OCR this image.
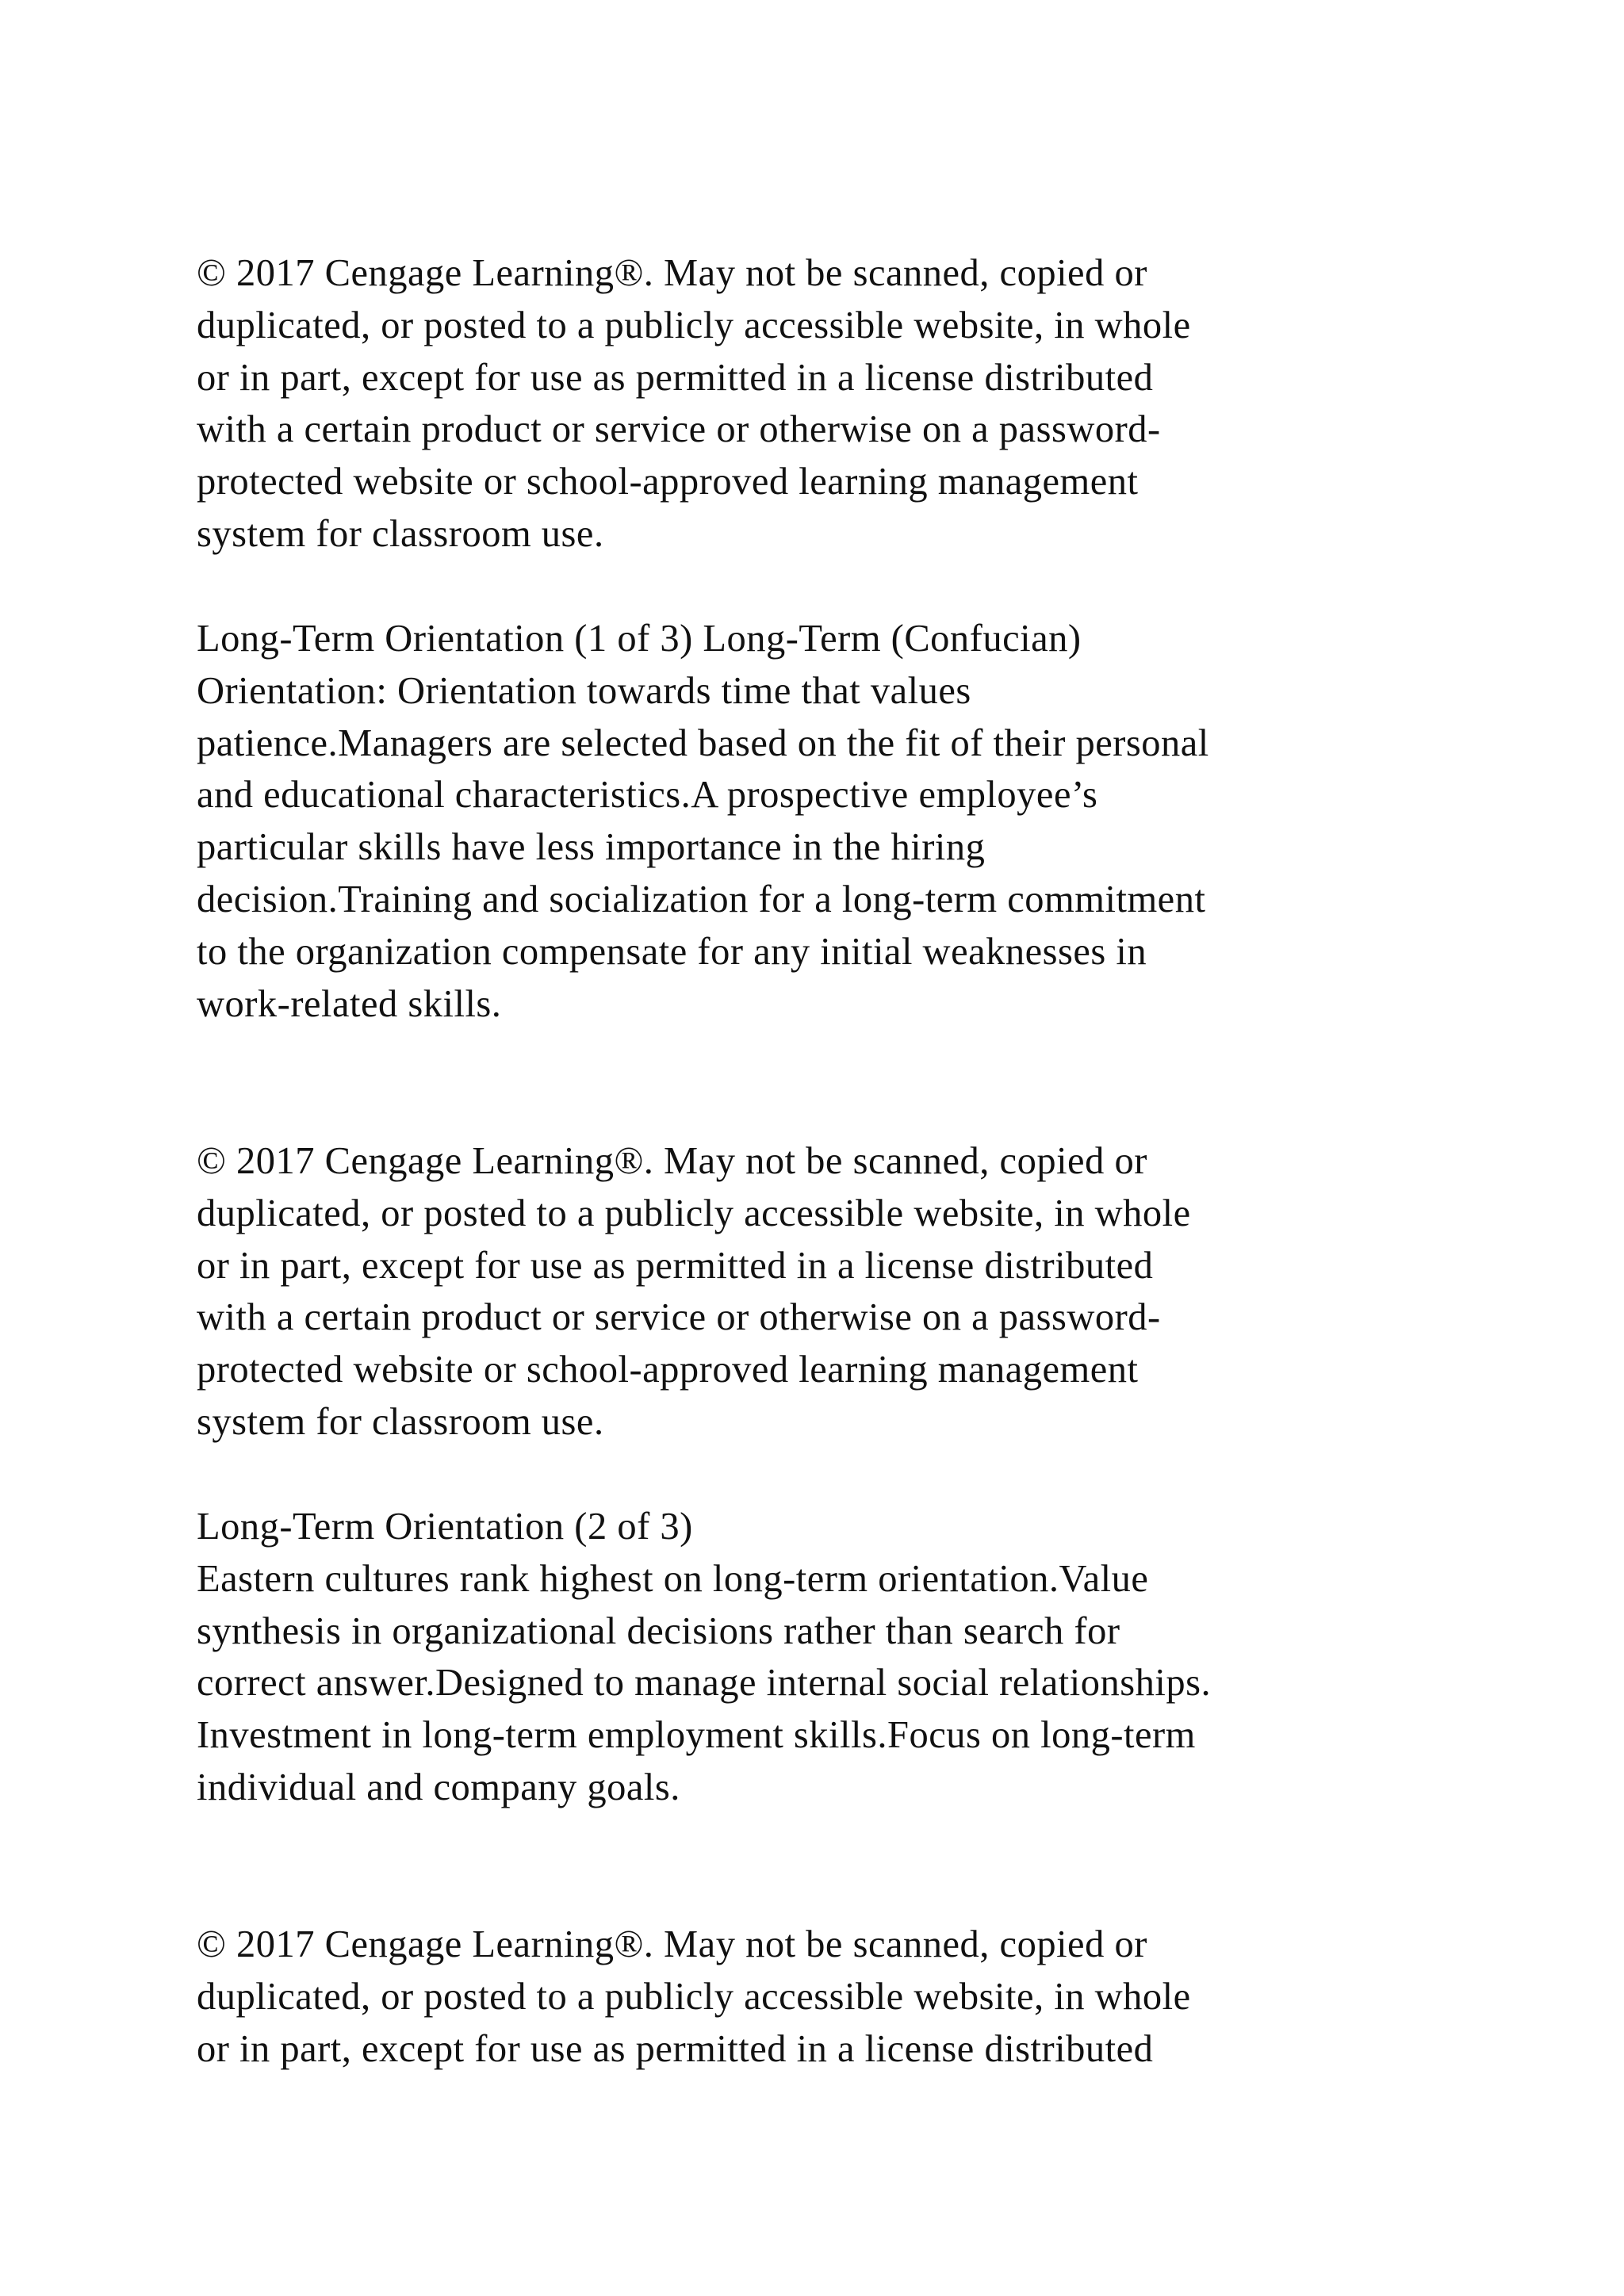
© 2017 Cengage Learning®. May not be scanned, copied or
duplicated, or posted to a publicly accessible website, in whole
or in part, except for use as permitted in a license distributed
with a certain product or service or otherwise on a password-
protected website or school-approved learning management
system for classroom use.

Long-Term Orientation (1 of 3) Long-Term (Confucian)
Orientation: Orientation towards time that values
patience.Managers are selected based on the fit of their personal
and educational characteristics.A prospective employee’s
particular skills have less importance in the hiring
decision.Training and socialization for a long-term commitment
to the organization compensate for any initial weaknesses in
work-related skills.

© 2017 Cengage Learning®. May not be scanned, copied or
duplicated, or posted to a publicly accessible website, in whole
or in part, except for use as permitted in a license distributed
with a certain product or service or otherwise on a password-
protected website or school-approved learning management
system for classroom use.

Long-Term Orientation (2 of 3)
Eastern cultures rank highest on long-term orientation.Value
synthesis in organizational decisions rather than search for
correct answer.Designed to manage internal social relationships.
Investment in long-term employment skills.Focus on long-term
individual and company goals.

© 2017 Cengage Learning®. May not be scanned, copied or
duplicated, or posted to a publicly accessible website, in whole
or in part, except for use as permitted in a license distributed
